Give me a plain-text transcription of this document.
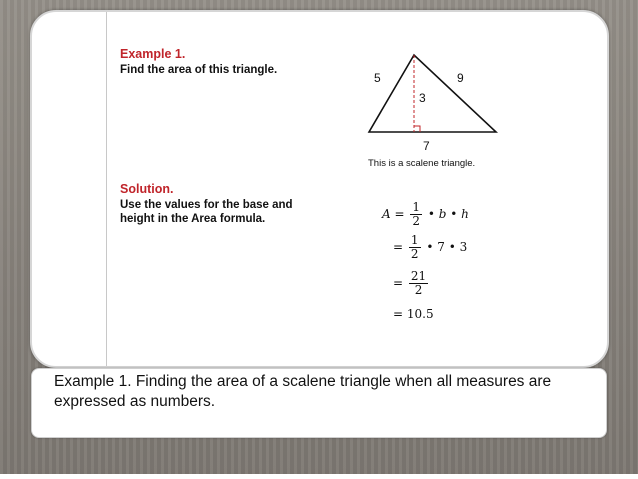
Example 1.
Find the area of this triangle.
5	9
3
7
This is a scalene triangle.
Solution.
Use the values for the base and height in the Area formula.	$A = \frac{1}{2}$ • b • h
= $\frac{1}{2}$ • 7 • 3
= $\frac{21}{2}$
= 10.5
Example 1. Finding the area of a scalene triangle when all measures are expressed as numbers.
